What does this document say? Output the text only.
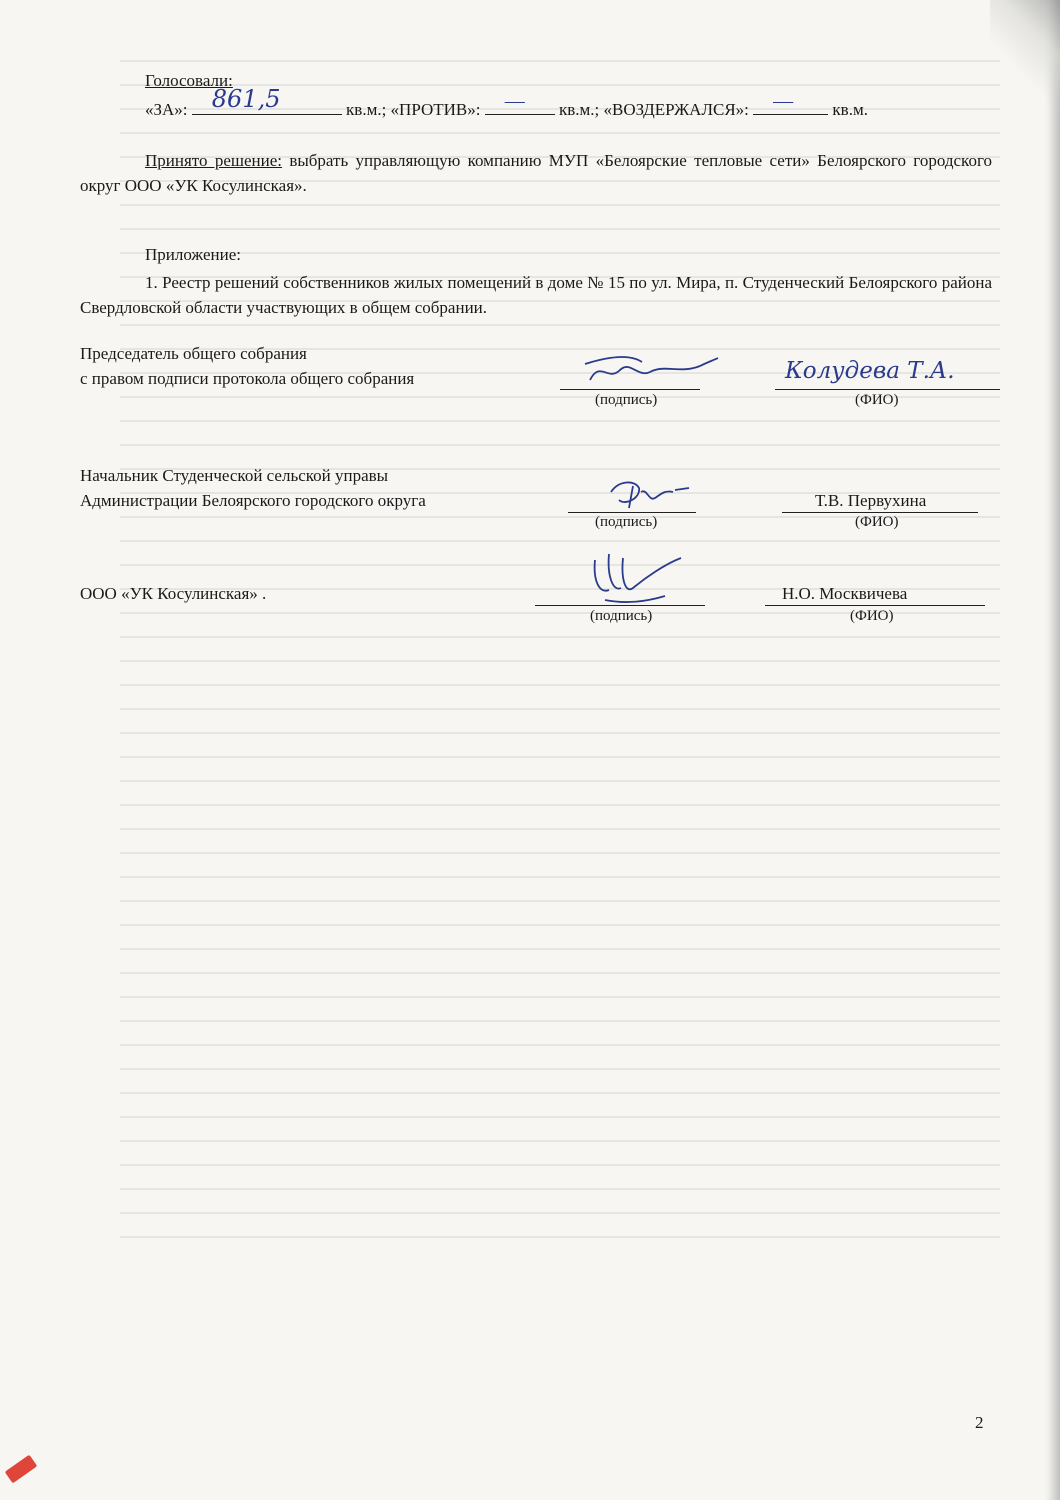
Голосовали:
«ЗА»: 861,5	кв.м.; «ПРОТИВ»: — кв.м.; «ВОЗДЕРЖАЛСЯ»: — кв.м.
Принято решение: выбрать управляющую компанию МУП «Белоярские тепловые сети» Белоярского городского округ ООО «УК Косулинская».
Приложение:
1. Реестр решений собственников жилых помещений в доме № 15 по ул. Мира, п. Студенческий Белоярского района Свердловской области участвующих в общем собрании.
Председатель общего собрания
с правом подписи протокола общего собрания	Колудева Т.А.
(подпись)	(ФИО)
Начальник Студенческой сельской управы
Администрации Белоярского городского округа	Т.В. Первухина
(подпись)	(ФИО)
ООО «УК Косулинская» .	Н.О. Москвичева
(подпись)	(ФИО)
2
